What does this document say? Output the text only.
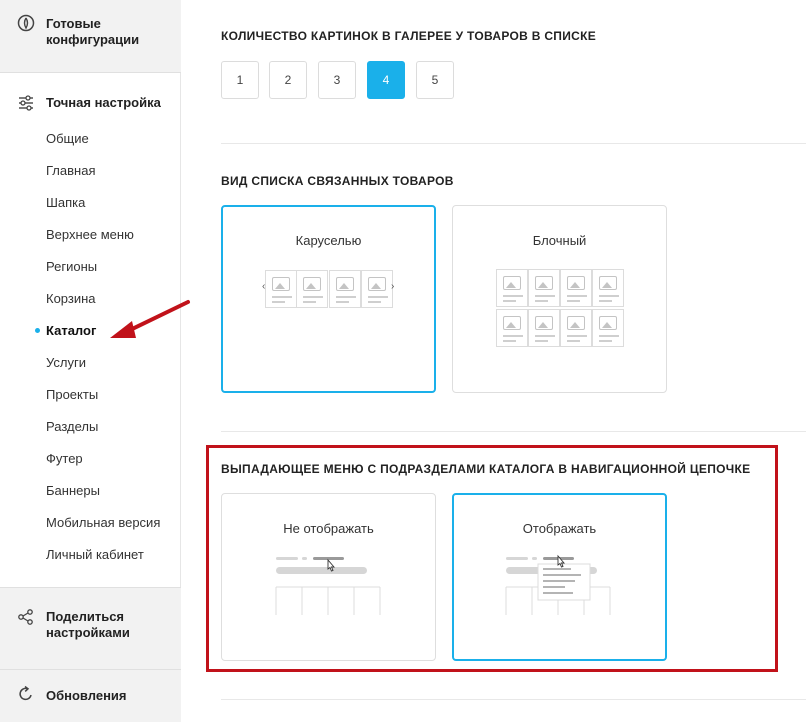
Готовые конфигурации
Точная настройка
Общие
Главная
Шапка
Верхнее меню
Регионы
Корзина
Каталог
Услуги
Проекты
Разделы
Футер
Баннеры
Мобильная версия
Личный кабинет
Поделиться настройками
Обновления
КОЛИЧЕСТВО КАРТИНОК В ГАЛЕРЕЕ У ТОВАРОВ В СПИСКЕ
1	2	3	4	5
ВИД СПИСКА СВЯЗАННЫХ ТОВАРОВ
Каруселью
‹	›
Блочный
ВЫПАДАЮЩЕЕ МЕНЮ С ПОДРАЗДЕЛАМИ КАТАЛОГА В НАВИГАЦИОННОЙ ЦЕПОЧКЕ
Не отображать	Отображать
